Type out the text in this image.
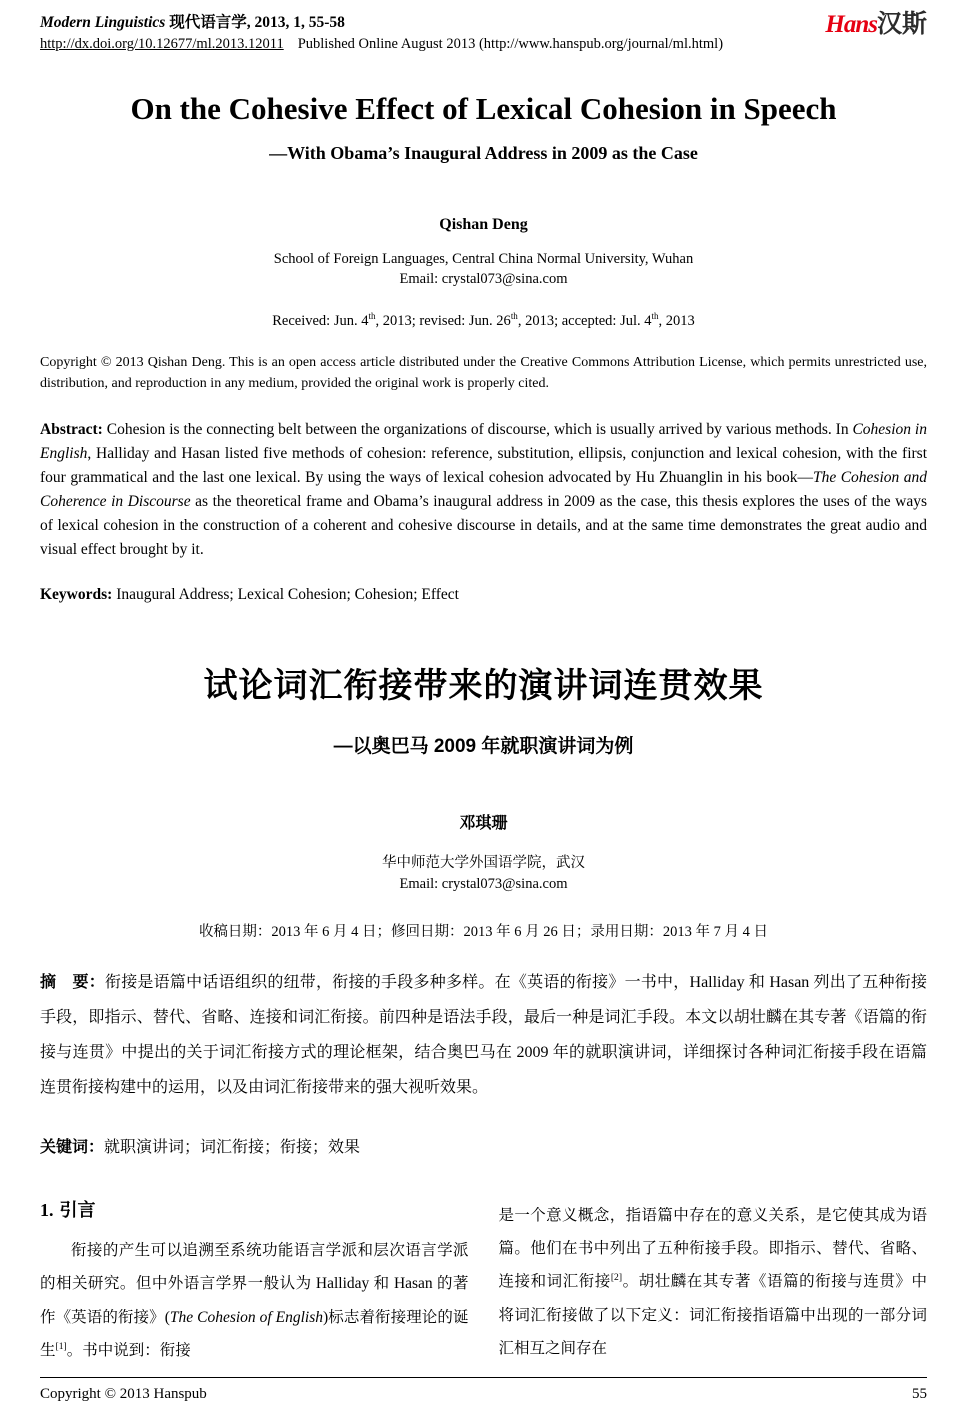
Modern Linguistics 现代语言学, 2013, 1, 55-58
http://dx.doi.org/10.12677/ml.2013.12011 Published Online August 2013 (http://www.hanspub.org/journal/ml.html)
Hans汉斯
On the Cohesive Effect of Lexical Cohesion in Speech
—With Obama’s Inaugural Address in 2009 as the Case
Qishan Deng
School of Foreign Languages, Central China Normal University, Wuhan
Email: crystal073@sina.com
Received: Jun. 4th, 2013; revised: Jun. 26th, 2013; accepted: Jul. 4th, 2013

Copyright © 2013 Qishan Deng. This is an open access article distributed under the Creative Commons Attribution License, which permits unrestricted use, distribution, and reproduction in any medium, provided the original work is properly cited.

Abstract: Cohesion is the connecting belt between the organizations of discourse, which is usually arrived by various methods. In Cohesion in English, Halliday and Hasan listed five methods of cohesion: reference, substitution, ellipsis, conjunction and lexical cohesion, with the first four grammatical and the last one lexical. By using the ways of lexical cohesion advocated by Hu Zhuanglin in his book—The Cohesion and Coherence in Discourse as the theoretical frame and Obama’s inaugural address in 2009 as the case, this thesis explores the uses of the ways of lexical cohesion in the construction of a coherent and cohesive discourse in details, and at the same time demonstrates the great audio and visual effect brought by it.

Keywords: Inaugural Address; Lexical Cohesion; Cohesion; Effect

试论词汇衔接带来的演讲词连贯效果
—以奥巴马 2009 年就职演讲词为例
邓琪珊
华中师范大学外国语学院，武汉
Email: crystal073@sina.com
收稿日期：2013 年 6 月 4 日；修回日期：2013 年 6 月 26 日；录用日期：2013 年 7 月 4 日

摘　要：衔接是语篇中话语组织的纽带，衔接的手段多种多样。在《英语的衔接》一书中，Halliday 和 Hasan 列出了五种衔接手段，即指示、替代、省略、连接和词汇衔接。前四种是语法手段，最后一种是词汇手段。本文以胡壮麟在其专著《语篇的衔接与连贯》中提出的关于词汇衔接方式的理论框架，结合奥巴马在 2009 年的就职演讲词，详细探讨各种词汇衔接手段在语篇连贯衔接构建中的运用，以及由词汇衔接带来的强大视听效果。

关键词：就职演讲词；词汇衔接；衔接；效果

1. 引言

衔接的产生可以追溯至系统功能语言学派和层次语言学派的相关研究。但中外语言学界一般认为 Halliday 和 Hasan 的著作《英语的衔接》(The Cohesion of English)标志着衔接理论的诞生[1]。书中说到：衔接

是一个意义概念，指语篇中存在的意义关系，是它使其成为语篇。他们在书中列出了五种衔接手段。即指示、替代、省略、连接和词汇衔接[2]。胡壮麟在其专著《语篇的衔接与连贯》中将词汇衔接做了以下定义：词汇衔接指语篇中出现的一部分词汇相互之间存在

Copyright © 2013 Hanspub	55
